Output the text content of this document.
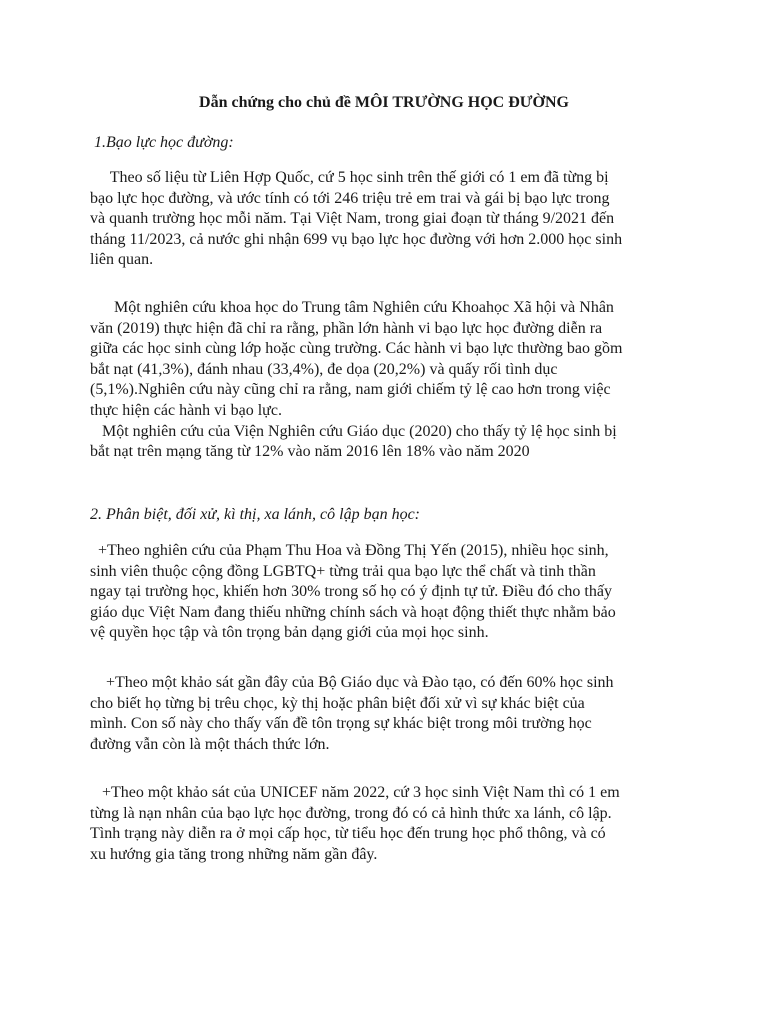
Dẫn chứng cho chủ đề MÔI TRƯỜNG HỌC ĐƯỜNG
1.Bạo lực học đường:
Theo số liệu từ Liên Hợp Quốc, cứ 5 học sinh trên thế giới có 1 em đã từng bị
bạo lực học đường, và ước tính có tới 246 triệu trẻ em trai và gái bị bạo lực trong
và quanh trường học mỗi năm. Tại Việt Nam, trong giai đoạn từ tháng 9/2021 đến
tháng 11/2023, cả nước ghi nhận 699 vụ bạo lực học đường với hơn 2.000 học sinh
liên quan.
Một nghiên cứu khoa học do Trung tâm Nghiên cứu Khoahọc Xã hội và Nhân
văn (2019) thực hiện đã chỉ ra rằng, phần lớn hành vi bạo lực học đường diễn ra
giữa các học sinh cùng lớp hoặc cùng trường. Các hành vi bạo lực thường bao gồm
bắt nạt (41,3%), đánh nhau (33,4%), đe dọa (20,2%) và quấy rối tình dục
(5,1%).Nghiên cứu này cũng chỉ ra rằng, nam giới chiếm tỷ lệ cao hơn trong việc
thực hiện các hành vi bạo lực.
Một nghiên cứu của Viện Nghiên cứu Giáo dục (2020) cho thấy tỷ lệ học sinh bị
bắt nạt trên mạng tăng từ 12% vào năm 2016 lên 18% vào năm 2020
2. Phân biệt, đối xử, kì thị, xa lánh, cô lập bạn học:
+Theo nghiên cứu của Phạm Thu Hoa và Đồng Thị Yến (2015), nhiều học sinh,
sinh viên thuộc cộng đồng LGBTQ+ từng trải qua bạo lực thể chất và tinh thần
ngay tại trường học, khiến hơn 30% trong số họ có ý định tự tử. Điều đó cho thấy
giáo dục Việt Nam đang thiếu những chính sách và hoạt động thiết thực nhằm bảo
vệ quyền học tập và tôn trọng bản dạng giới của mọi học sinh.
+Theo một khảo sát gần đây của Bộ Giáo dục và Đào tạo, có đến 60% học sinh
cho biết họ từng bị trêu chọc, kỳ thị hoặc phân biệt đối xử vì sự khác biệt của
mình. Con số này cho thấy vấn đề tôn trọng sự khác biệt trong môi trường học
đường vẫn còn là một thách thức lớn.
+Theo một khảo sát của UNICEF năm 2022, cứ 3 học sinh Việt Nam thì có 1 em
từng là nạn nhân của bạo lực học đường, trong đó có cả hình thức xa lánh, cô lập.
Tình trạng này diễn ra ở mọi cấp học, từ tiểu học đến trung học phổ thông, và có
xu hướng gia tăng trong những năm gần đây.
